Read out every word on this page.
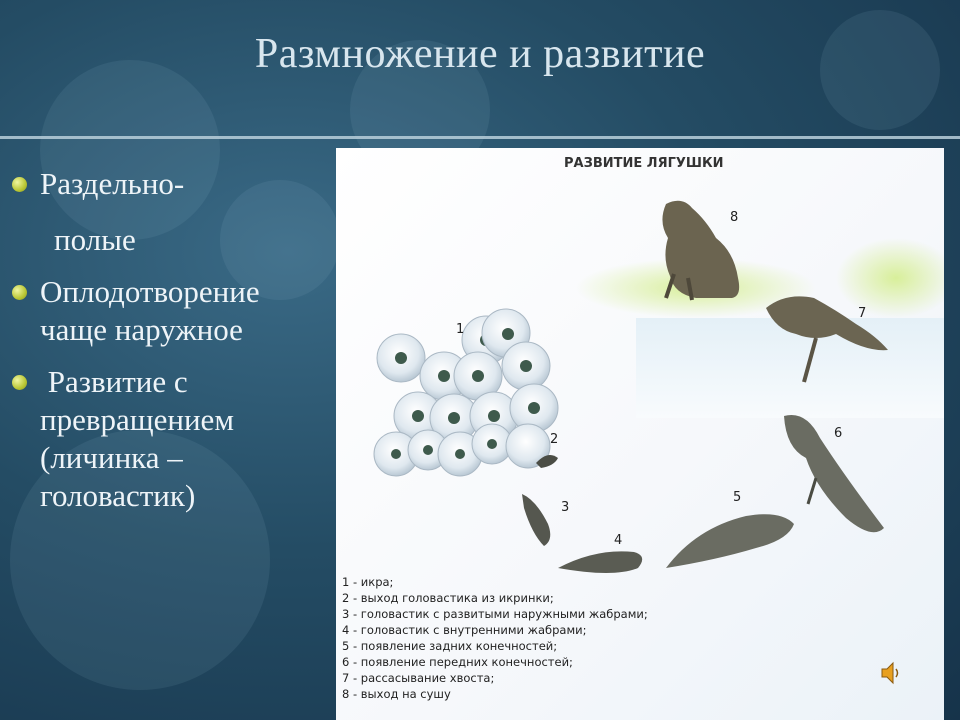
Размножение и развитие
Раздельно-
полые
Оплодотворение
чаще наружное
Развитие с
превращением
(личинка –
головастик)
РАЗВИТИЕ ЛЯГУШКИ
1
2
3
4
5
6
7
8
1 - икра;
2 - выход головастика из икринки;
3 - головастик с развитыми наружными жабрами;
4 - головастик с внутренними жабрами;
5 - появление задних конечностей;
6 - появление передних конечностей;
7 - рассасывание хвоста;
8 - выход на сушу
